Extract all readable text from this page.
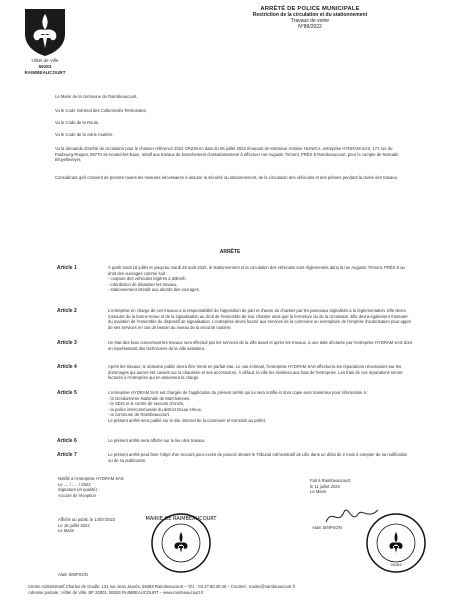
Hôtel de Ville
59283 RAIMBEAUCOURT
ARRÊTÉ DE POLICE MUNICIPALE
Restriction de la circulation et du stationnement
Travaux de voirie
N°89/2022
Le Maire de la commune de Raimbeaucourt,
Vu le Code Général des Collectivités Territoriales,
Vu le Code de la Route,
Vu le Code de la voirie routière,
Vu la demande d'arrêté de circulation pour le chantier référencé 2022 GR239 en date du 06 juillet 2022 émanant de Monsieur Antoine HLINICA, entreprise HYDRAM SAS, 171 rue du Faubourg-Roquet, 59770 St-Amand-les-Eaux, relatif aux travaux de branchement d'assainissement à effectuer rue Auguste Tirmont, PRÈS 8 Raimbeaucourt, pour le compte de Noreade Bruyelleveyer,
Considérant qu'il convient de prendre toutes les mesures nécessaires à assurer la sécurité du stationnement, de la circulation des véhicules et des piétons pendant la durée des travaux,
ARRÊTE
Article 1	À partir lundi 18 juillet et jusqu'au mardi 26 août 2022, le stationnement et la circulation des véhicules sont réglementés dans la rue Auguste Tirmont, PRÈS 8 au droit des ouvrages comme suit :
- coupure des véhicules légères à 30km/h,
- interdiction de dépasser les travaux,
- stationnement interdit aux abords des ouvrages.
Article 2	L'entreprise en charge de ces travaux a la responsabilité de l'apposition de part et d'autre du chantier par les panneaux signalisés à la réglementation. Elle devra s'assurer de la bonne tenue et de la signalisation au droit de l'ensemble de leur chantier ainsi que la fermeture du de la circulation. Elle devra également s'assurer du maintien de l'ensemble du dispositif de signalisation. L'entreprise devra fournir aux services de la commune un exemplaire de l'emprise d'autorisation pour appel de ses services en cas de besoin au niveau de la sécurité routière.
Article 3	Un état des lieux concernant les travaux sera effectué par les services de la ville avant et après les travaux, à une date déclarée par l'entreprise HYDRAM SAS dont un représentant des techniciens de la ville assistera.
Article 4	Après les travaux, le domaine public devra être remis en parfait état. Le cas échéant, l'entreprise HYDRAM SAS effectuera les réparations nécessaires sur les dommages qui auront été causés sur la chaussée et ses accessoires. À défaut, la ville les réalisera aux frais de l'entreprise. Les frais de ces réparations seront facturés à l'entreprise qui en assumera la charge.
Article 5	L'entreprise HYDRAM SAS est chargée de l'application du présent arrêté qui lui sera notifié et dont copie sera transmise pour information à :
- la Gendarmerie Nationale de Marchiennes,
- le SDIS et le centre de secours d'Anzin,
- la police intercommunale du district Douai Arleux,
- la commune de Raimbeaucourt.
Le présent arrêté sera publié sur le site internet de la commune et transmis au préfet.
Article 6	Le présent arrêté sera affiché sur le lieu des travaux.
Article 7	Le présent arrêté peut faire l'objet d'un recours pour excès de pouvoir devant le Tribunal Administratif de Lille dans un délai de 2 mois à compter de sa notification ou de sa publication.
Notifié à l'entreprise HYDRAM SAS
Le .... / ..... / 2022
Signature (et qualité) :
Accusé de réception
Fait à Raimbeaucourt,
le 11 juillet 2022
Le Maire
Alain SIMPSON
Affiché au public le 14/07/2022
Le 18 juillet 2022
Le Maire
MAIRIE DE RAIMBEAUCOURT
59283
Alain SIMPSON
Centre Administratif Charles de Gaulle, 131 rue Jean Jaurès, 59283 Raimbeaucourt – Tél. : 03.27.80.30.40 – Courriel : mairie@raimbeaucourt.fr
Adresse postale : Hôtel de Ville, BP 20001, 59283 RAIMBEAUCOURT – www.raimbeaucourt.fr
